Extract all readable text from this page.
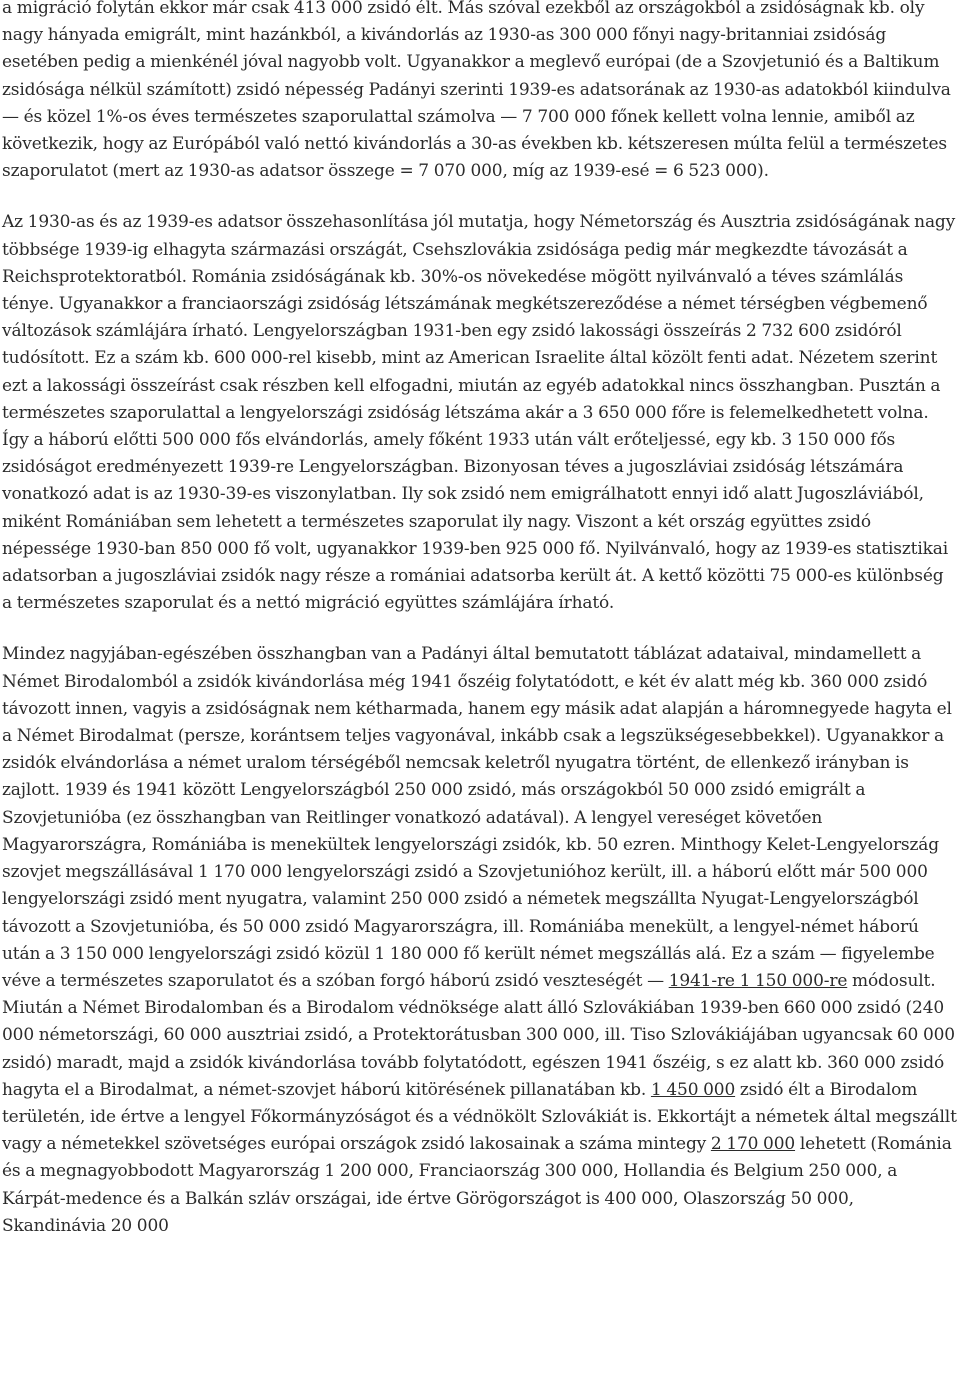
a migráció folytán ekkor már csak 413 000 zsidó élt. Más szóval ezekből az országokból a zsidóságnak kb. oly nagy hányada emigrált, mint hazánkból, a kivándorlás az 1930-as 300 000 főnyi nagy-britanniai zsidóság esetében pedig a mienkénél jóval nagyobb volt. Ugyanakkor a meglevő európai (de a Szovjetunió és a Baltikum zsidósága nélkül számított) zsidó népesség Padányi szerinti 1939-es adatsorának az 1930-as adatokból kiindulva — és közel 1%-os éves természetes szaporulattal számolva — 7 700 000 főnek kellett volna lennie, amiből az következik, hogy az Európából való nettó kivándorlás a 30-as években kb. kétszeresen múlta felül a természetes szaporulatot (mert az 1930-as adatsor összege = 7 070 000, míg az 1939-esé = 6 523 000).

Az 1930-as és az 1939-es adatsor összehasonlítása jól mutatja, hogy Németország és Ausztria zsidóságának nagy többsége 1939-ig elhagyta származási országát, Csehszlovákia zsidósága pedig már megkezdte távozását a Reichsprotektoratból. Románia zsidóságának kb. 30%-os növekedése mögött nyilvánvaló a téves számlálás ténye. Ugyanakkor a franciaországi zsidóság létszámának megkétszereződése a német térségben végbemenő változások számlájára írható. Lengyelországban 1931-ben egy zsidó lakossági összeírás 2 732 600 zsidóról tudósított. Ez a szám kb. 600 000-rel kisebb, mint az American Israelite által közölt fenti adat. Nézetem szerint ezt a lakossági összeírást csak részben kell elfogadni, miután az egyéb adatokkal nincs összhangban. Pusztán a természetes szaporulattal a lengyelországi zsidóság létszáma akár a 3 650 000 főre is felemelkedhetett volna. Így a háború előtti 500 000 fős elvándorlás, amely főként 1933 után vált erőteljessé, egy kb. 3 150 000 fős zsidóságot eredményezett 1939-re Lengyelországban. Bizonyosan téves a jugoszláviai zsidóság létszámára vonatkozó adat is az 1930-39-es viszonylatban. Ily sok zsidó nem emigrálhatott ennyi idő alatt Jugoszláviából, miként Romániában sem lehetett a természetes szaporulat ily nagy. Viszont a két ország együttes zsidó népessége 1930-ban 850 000 fő volt, ugyanakkor 1939-ben 925 000 fő. Nyilvánvaló, hogy az 1939-es statisztikai adatsorban a jugoszláviai zsidók nagy része a romániai adatsorba került át. A kettő közötti 75 000-es különbség a természetes szaporulat és a nettó migráció együttes számlájára írható.

Mindez nagyjában-egészében összhangban van a Padányi által bemutatott táblázat adataival, mindamellett a Német Birodalomból a zsidók kivándorlása még 1941 őszéig folytatódott, e két év alatt még kb. 360 000 zsidó távozott innen, vagyis a zsidóságnak nem kétharmada, hanem egy másik adat alapján a háromnegyede hagyta el a Német Birodalmat (persze, korántsem teljes vagyonával, inkább csak a legszükségesebbekkel). Ugyanakkor a zsidók elvándorlása a német uralom térségéből nemcsak keletről nyugatra történt, de ellenkező irányban is zajlott. 1939 és 1941 között Lengyelországból 250 000 zsidó, más országokból 50 000 zsidó emigrált a Szovjetunióba (ez összhangban van Reitlinger vonatkozó adatával). A lengyel vereséget követően Magyarországra, Romániába is menekültek lengyelországi zsidók, kb. 50 ezren. Minthogy Kelet-Lengyelország szovjet megszállásával 1 170 000 lengyelországi zsidó a Szovjetunióhoz került, ill. a háború előtt már 500 000 lengyelországi zsidó ment nyugatra, valamint 250 000 zsidó a németek megszállta Nyugat-Lengyelországból távozott a Szovjetunióba, és 50 000 zsidó Magyarországra, ill. Romániába menekült, a lengyel-német háború után a 3 150 000 lengyelországi zsidó közül 1 180 000 fő került német megszállás alá. Ez a szám — figyelembe véve a természetes szaporulatot és a szóban forgó háború zsidó veszteségét — 1941-re 1 150 000-re módosult. Miután a Német Birodalomban és a Birodalom védnöksége alatt álló Szlovákiában 1939-ben 660 000 zsidó (240 000 németországi, 60 000 ausztriai zsidó, a Protektorátusban 300 000, ill. Tiso Szlovákiájában ugyancsak 60 000 zsidó) maradt, majd a zsidók kivándorlása tovább folytatódott, egészen 1941 őszéig, s ez alatt kb. 360 000 zsidó hagyta el a Birodalmat, a német-szovjet háború kitörésének pillanatában kb. 1 450 000 zsidó élt a Birodalom területén, ide értve a lengyel Főkormányzóságot és a védnökölt Szlovákiát is. Ekkortájt a németek által megszállt vagy a németekkel szövetséges európai országok zsidó lakosainak a száma mintegy 2 170 000 lehetett (Románia és a megnagyobbodott Magyarország 1 200 000, Franciaország 300 000, Hollandia és Belgium 250 000, a Kárpát-medence és a Balkán szláv országai, ide értve Görögországot is 400 000, Olaszország 50 000, Skandinávia 20 000
